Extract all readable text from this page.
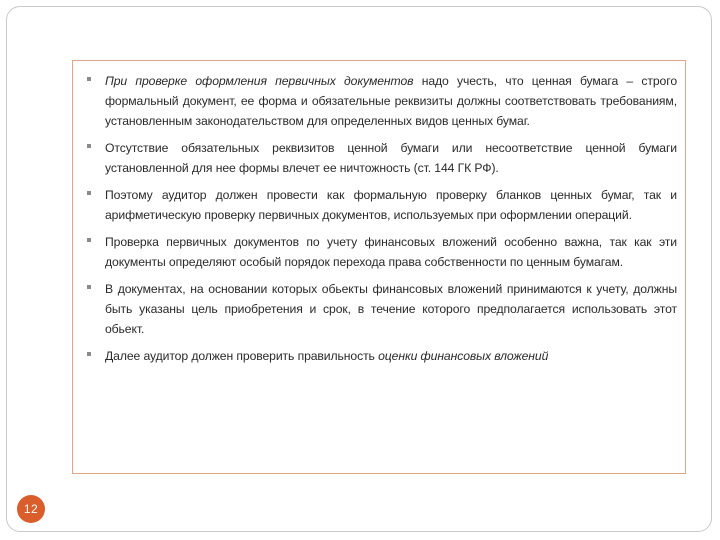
При проверке оформления первичных документов надо учесть, что ценная бумага – строго формальный документ, ее форма и обязательные реквизиты должны соответствовать требованиям, установленным законодательством для определенных видов ценных бумаг.
Отсутствие обязательных реквизитов ценной бумаги или несоответствие ценной бумаги установленной для нее формы влечет ее ничтожность (ст. 144 ГК РФ).
Поэтому аудитор должен провести как формальную проверку бланков ценных бумаг, так и арифметическую проверку первичных документов, используемых при оформлении операций.
Проверка первичных документов по учету финансовых вложений особенно важна, так как эти документы определяют особый порядок перехода права собственности по ценным бумагам.
В документах, на основании которых обьекты финансовых вложений принимаются к учету, должны быть указаны цель приобретения и срок, в течение которого предполагается использовать этот обьект.
Далее аудитор должен проверить правильность оценки финансовых вложений
12
